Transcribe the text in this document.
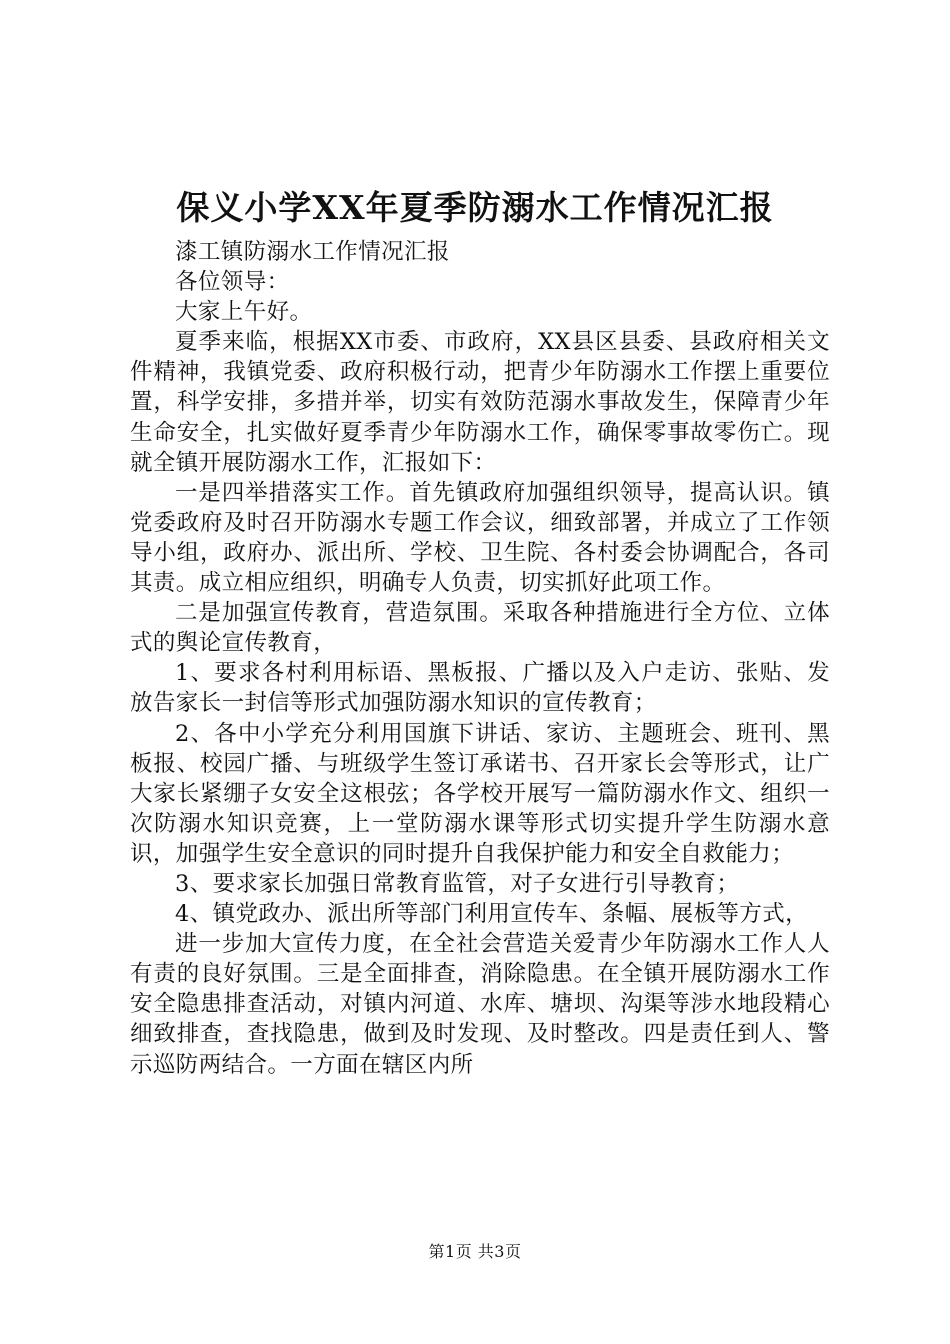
保义小学XX年夏季防溺水工作情况汇报

漆工镇防溺水工作情况汇报

各位领导：

大家上午好。

夏季来临，根据XX市委、市政府，XX县区县委、县政府相关文件精神，我镇党委、政府积极行动，把青少年防溺水工作摆上重要位置，科学安排，多措并举，切实有效防范溺水事故发生，保障青少年生命安全，扎实做好夏季青少年防溺水工作，确保零事故零伤亡。现就全镇开展防溺水工作，汇报如下：

一是四举措落实工作。首先镇政府加强组织领导，提高认识。镇党委政府及时召开防溺水专题工作会议，细致部署，并成立了工作领导小组，政府办、派出所、学校、卫生院、各村委会协调配合，各司其责。成立相应组织，明确专人负责，切实抓好此项工作。

二是加强宣传教育，营造氛围。采取各种措施进行全方位、立体式的舆论宣传教育，

1、要求各村利用标语、黑板报、广播以及入户走访、张贴、发放告家长一封信等形式加强防溺水知识的宣传教育；

2、各中小学充分利用国旗下讲话、家访、主题班会、班刊、黑板报、校园广播、与班级学生签订承诺书、召开家长会等形式，让广大家长紧绷子女安全这根弦；各学校开展写一篇防溺水作文、组织一次防溺水知识竞赛，上一堂防溺水课等形式切实提升学生防溺水意识，加强学生安全意识的同时提升自我保护能力和安全自救能力；

3、要求家长加强日常教育监管，对子女进行引导教育；

4、镇党政办、派出所等部门利用宣传车、条幅、展板等方式，

进一步加大宣传力度，在全社会营造关爱青少年防溺水工作人人有责的良好氛围。三是全面排查，消除隐患。在全镇开展防溺水工作安全隐患排查活动，对镇内河道、水库、塘坝、沟渠等涉水地段精心细致排查，查找隐患，做到及时发现、及时整改。四是责任到人、警示巡防两结合。一方面在辖区内所

第1页 共3页
